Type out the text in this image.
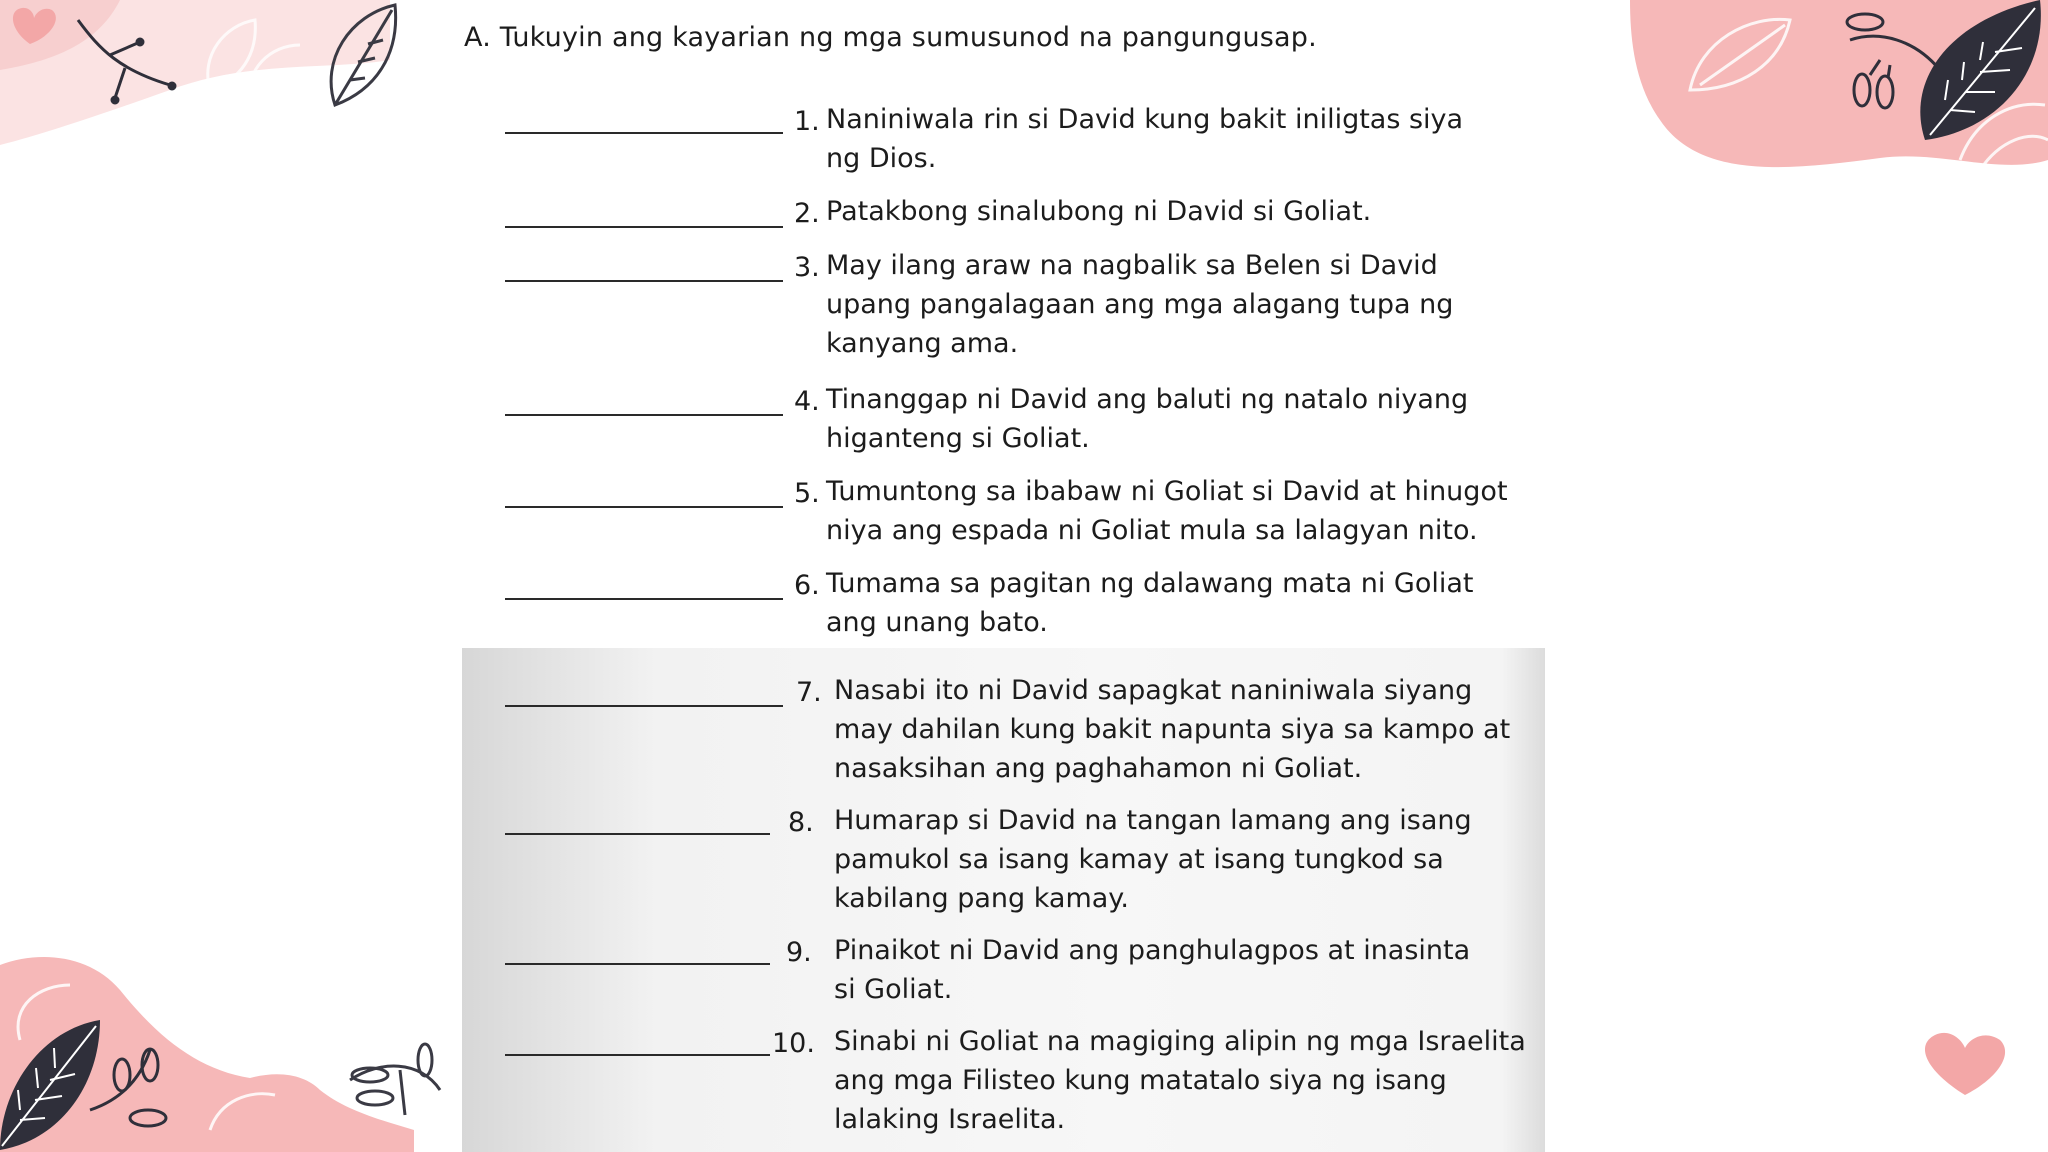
A. Tukuyin ang kayarian ng mga sumusunod na pangungusap.
1. Naniniwala rin si David kung bakit iniligtas siya
ng Dios.
2. Patakbong sinalubong ni David si Goliat.
3. May ilang araw na nagbalik sa Belen si David
upang pangalagaan ang mga alagang tupa ng
kanyang ama.
4. Tinanggap ni David ang baluti ng natalo niyang
higanteng si Goliat.
5. Tumuntong sa ibabaw ni Goliat si David at hinugot
niya ang espada ni Goliat mula sa lalagyan nito.
6. Tumama sa pagitan ng dalawang mata ni Goliat
ang unang bato.
7. Nasabi ito ni David sapagkat naniniwala siyang
may dahilan kung bakit napunta siya sa kampo at
nasaksihan ang paghahamon ni Goliat.
8. Humarap si David na tangan lamang ang isang
pamukol sa isang kamay at isang tungkod sa
kabilang pang kamay.
9. Pinaikot ni David ang panghulagpos at inasinta
si Goliat.
10. Sinabi ni Goliat na magiging alipin ng mga Israelita
ang mga Filisteo kung matatalo siya ng isang
lalaking Israelita.
